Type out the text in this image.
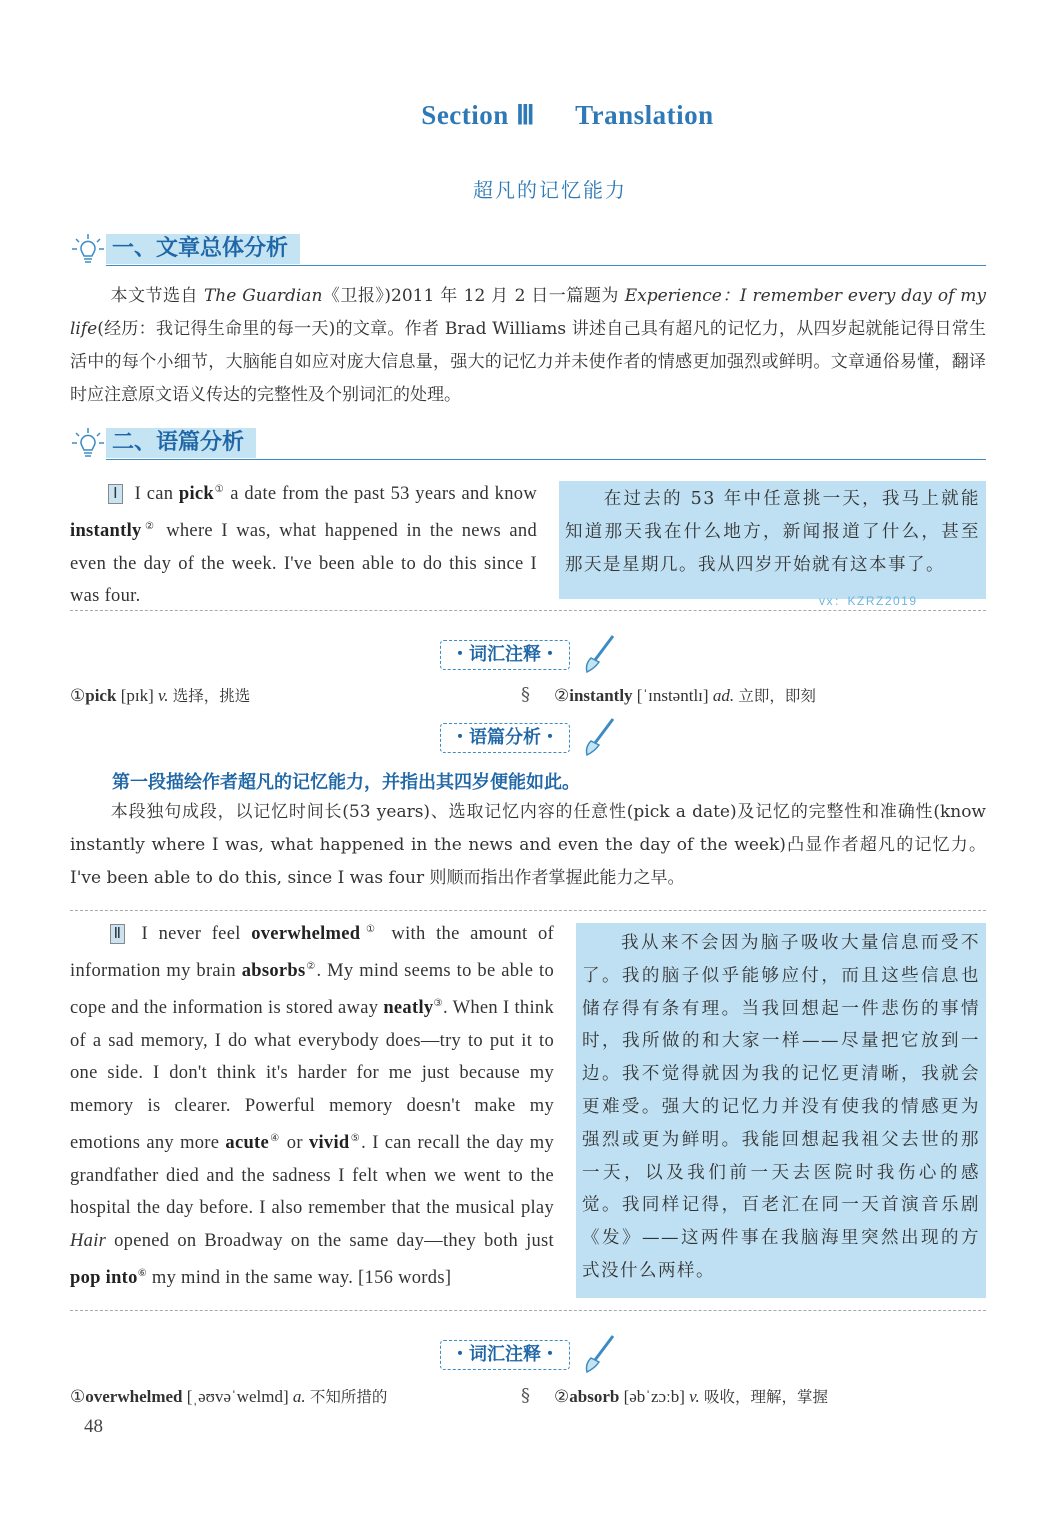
Section Ⅲ Translation
超凡的记忆能力
一、文章总体分析
本文节选自 The Guardian《卫报》)2011 年 12 月 2 日一篇题为 Experience：I remember every day of my life(经历：我记得生命里的每一天)的文章。作者 Brad Williams 讲述自己具有超凡的记忆力，从四岁起就能记得日常生活中的每个小细节，大脑能自如应对庞大信息量，强大的记忆力并未使作者的情感更加强烈或鲜明。文章通俗易懂，翻译时应注意原文语义传达的完整性及个别词汇的处理。
二、语篇分析
Ⅰ I can pick① a date from the past 53 years and know instantly② where I was, what happened in the news and even the day of the week. I've been able to do this since I was four.
在过去的 53 年中任意挑一天，我马上就能知道那天我在什么地方，新闻报道了什么，甚至那天是星期几。我从四岁开始就有这本事了。
vx：KZRZ2019
・词汇注释・
①pick [pɪk] v. 选择，挑选	§ ②instantly [ˈɪnstəntlɪ] ad. 立即，即刻
・语篇分析・
第一段描绘作者超凡的记忆能力，并指出其四岁便能如此。
本段独句成段，以记忆时间长(53 years)、选取记忆内容的任意性(pick a date)及记忆的完整性和准确性(know instantly where I was, what happened in the news and even the day of the week)凸显作者超凡的记忆力。I've been able to do this, since I was four 则顺而指出作者掌握此能力之早。
Ⅱ I never feel overwhelmed① with the amount of information my brain absorbs②. My mind seems to be able to cope and the information is stored away neatly③. When I think of a sad memory, I do what everybody does—try to put it to one side. I don't think it's harder for me just because my memory is clearer. Powerful memory doesn't make my emotions any more acute④ or vivid⑤. I can recall the day my grandfather died and the sadness I felt when we went to the hospital the day before. I also remember that the musical play Hair opened on Broadway on the same day—they both just pop into⑥ my mind in the same way. [156 words]
我从来不会因为脑子吸收大量信息而受不了。我的脑子似乎能够应付，而且这些信息也储存得有条有理。当我回想起一件悲伤的事情时，我所做的和大家一样——尽量把它放到一边。我不觉得就因为我的记忆更清晰，我就会更难受。强大的记忆力并没有使我的情感更为强烈或更为鲜明。我能回想起我祖父去世的那一天，以及我们前一天去医院时我伤心的感觉。我同样记得，百老汇在同一天首演音乐剧《发》——这两件事在我脑海里突然出现的方式没什么两样。
・词汇注释・
①overwhelmed [ˌəʊvəˈwelmd] a. 不知所措的	§ ②absorb [əbˈzɔːb] v. 吸收，理解，掌握
48
